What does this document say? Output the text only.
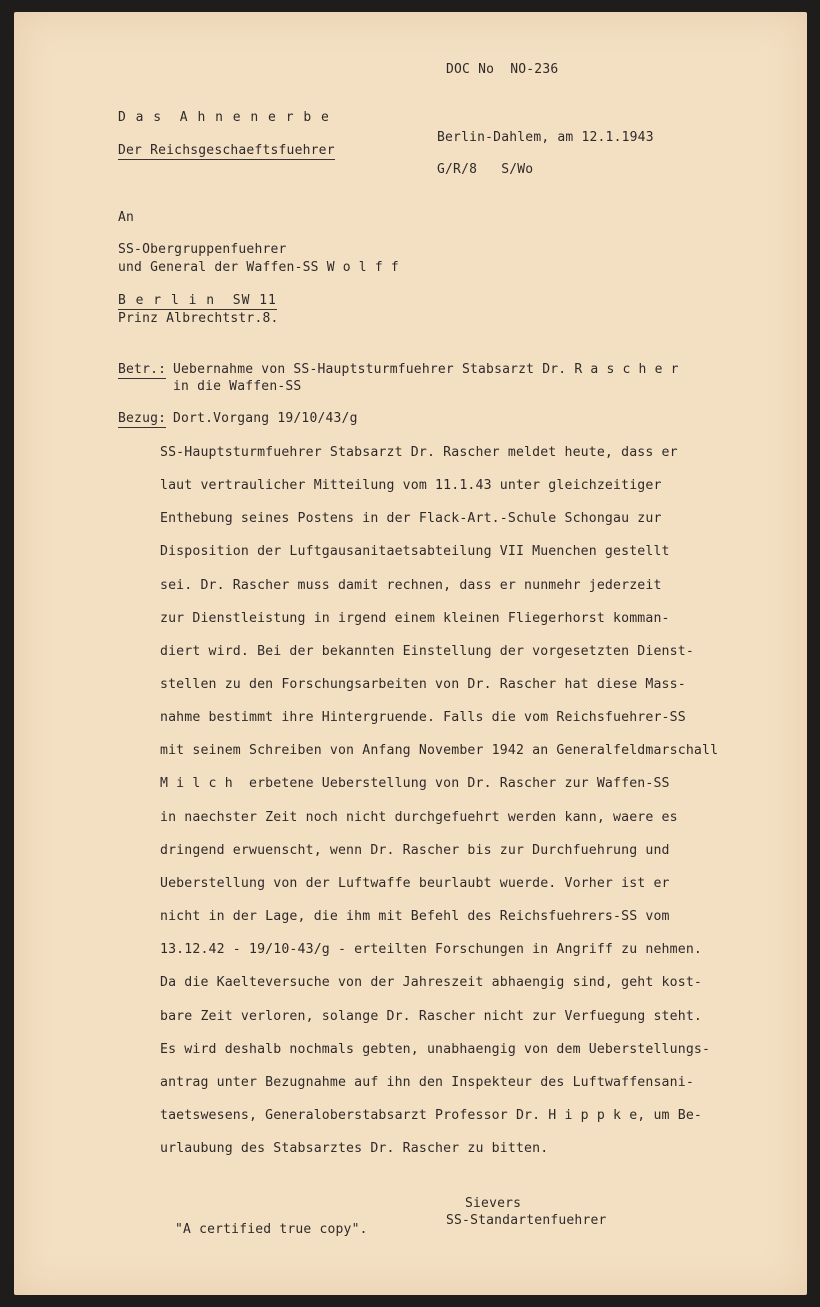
DOC No  NO-236
D a s  A h n e n e r b e
Der Reichsgeschaeftsfuehrer
Berlin-Dahlem, am 12.1.1943
G/R/8   S/Wo
An
SS-Obergruppenfuehrer
und General der Waffen-SS W o l f f
B e r l i n  SW 11
Prinz Albrechtstr.8.
Betr.: Uebernahme von SS-Hauptsturmfuehrer Stabsarzt Dr. R a s c h e r
in die Waffen-SS
Bezug: Dort.Vorgang 19/10/43/g
SS-Hauptsturmfuehrer Stabsarzt Dr. Rascher meldet heute, dass er
laut vertraulicher Mitteilung vom 11.1.43 unter gleichzeitiger
Enthebung seines Postens in der Flack-Art.-Schule Schongau zur
Disposition der Luftgausanitaetsabteilung VII Muenchen gestellt
sei. Dr. Rascher muss damit rechnen, dass er nunmehr jederzeit
zur Dienstleistung in irgend einem kleinen Fliegerhorst komman-
diert wird. Bei der bekannten Einstellung der vorgesetzten Dienst-
stellen zu den Forschungsarbeiten von Dr. Rascher hat diese Mass-
nahme bestimmt ihre Hintergruende. Falls die vom Reichsfuehrer-SS
mit seinem Schreiben von Anfang November 1942 an Generalfeldmarschall
M i l c h  erbetene Ueberstellung von Dr. Rascher zur Waffen-SS
in naechster Zeit noch nicht durchgefuehrt werden kann, waere es
dringend erwuenscht, wenn Dr. Rascher bis zur Durchfuehrung und
Ueberstellung von der Luftwaffe beurlaubt wuerde. Vorher ist er
nicht in der Lage, die ihm mit Befehl des Reichsfuehrers-SS vom
13.12.42 - 19/10-43/g - erteilten Forschungen in Angriff zu nehmen.
Da die Kaelteversuche von der Jahreszeit abhaengig sind, geht kost-
bare Zeit verloren, solange Dr. Rascher nicht zur Verfuegung steht.
Es wird deshalb nochmals gebten, unabhaengig von dem Ueberstellungs-
antrag unter Bezugnahme auf ihn den Inspekteur des Luftwaffensani-
taetswesens, Generaloberstabsarzt Professor Dr. H i p p k e, um Be-
urlaubung des Stabsarztes Dr. Rascher zu bitten.
Sievers
SS-Standartenfuehrer
"A certified true copy".
